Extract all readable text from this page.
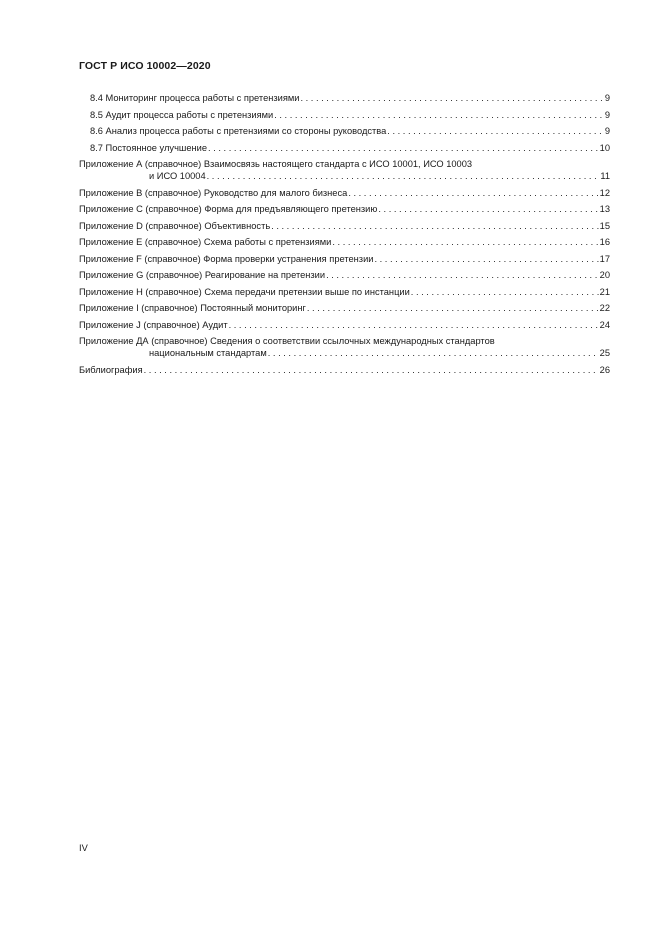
ГОСТ Р ИСО 10002—2020
8.4 Мониторинг процесса работы с претензиями . . .	9
8.5 Аудит процесса работы с претензиями . . .	9
8.6 Анализ процесса работы с претензиями со стороны руководства . . .	9
8.7 Постоянное улучшение . . .	10
Приложение А (справочное) Взаимосвязь настоящего стандарта с ИСО 10001, ИСО 10003
и ИСО 10004 . . .	11
Приложение В (справочное) Руководство для малого бизнеса . . .	12
Приложение С (справочное) Форма для предъявляющего претензию . . .	13
Приложение D (справочное) Объективность . . .	15
Приложение Е (справочное) Схема работы с претензиями . . .	16
Приложение F (справочное) Форма проверки устранения претензии . . .	17
Приложение G (справочное) Реагирование на претензии . . .	20
Приложение Н (справочное) Схема передачи претензии выше по инстанции . . .	21
Приложение I (справочное) Постоянный мониторинг . . .	22
Приложение J (справочное) Аудит . . .	24
Приложение ДА (справочное) Сведения о соответствии ссылочных международных стандартов
национальным стандартам . . .	25
Библиография . . .	26
IV
